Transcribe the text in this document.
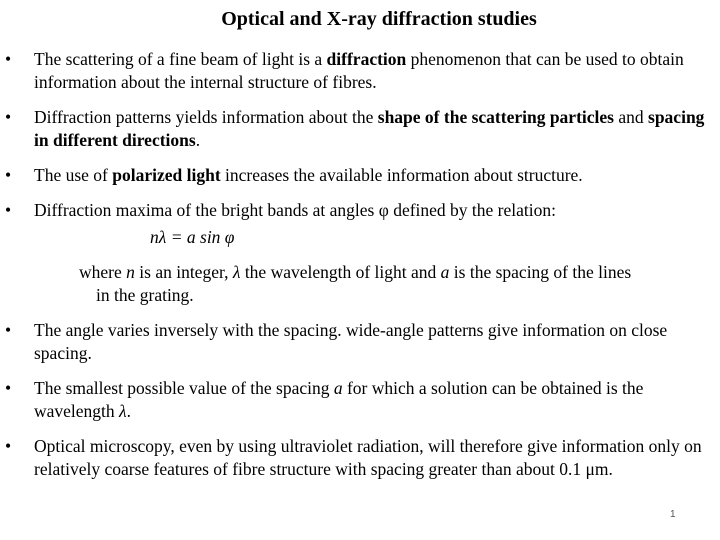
Optical and X-ray diffraction studies
•	The scattering of a fine beam of light is a diffraction phenomenon that can be used to obtain information about the internal structure of fibres.
•	Diffraction patterns yields information about the shape of the scattering particles and spacing in different directions.
•	The use of polarized light increases the available information about structure.
•	Diffraction maxima of the bright bands at angles φ defined by the relation:
nλ = a sin φ
where n is an integer, λ the wavelength of light and a is the spacing of the lines
in the grating.
•	The angle varies inversely with the spacing. wide-angle patterns give information on close spacing.
•	The smallest possible value of the spacing a for which a solution can be obtained is the wavelength λ.
•	Optical microscopy, even by using ultraviolet radiation, will therefore give information only on relatively coarse features of fibre structure with spacing greater than about 0.1 μm.
1
